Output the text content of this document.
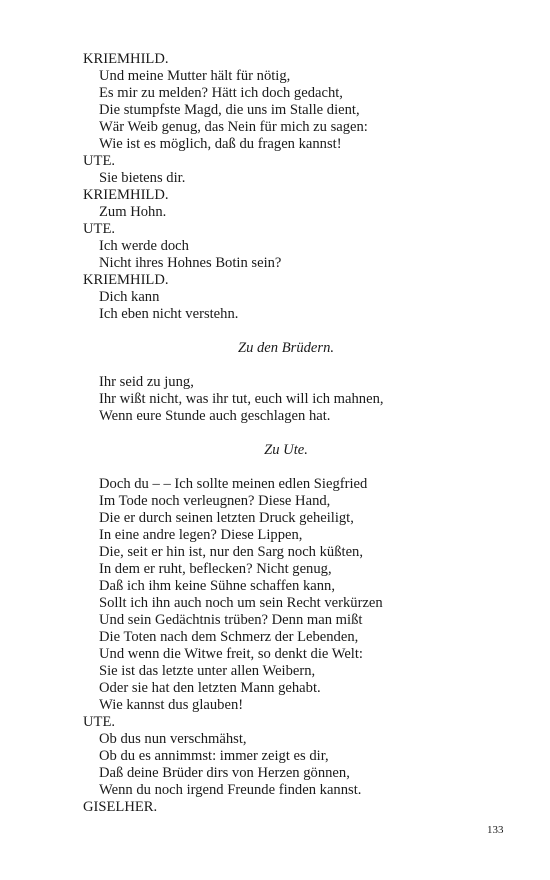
KRIEMHILD.
Und meine Mutter hält für nötig,
Es mir zu melden? Hätt ich doch gedacht,
Die stumpfste Magd, die uns im Stalle dient,
Wär Weib genug, das Nein für mich zu sagen:
Wie ist es möglich, daß du fragen kannst!
UTE.
Sie bietens dir.
KRIEMHILD.
Zum Hohn.
UTE.
Ich werde doch
Nicht ihres Hohnes Botin sein?
KRIEMHILD.
Dich kann
Ich eben nicht verstehn.
Zu den Brüdern.
Ihr seid zu jung,
Ihr wißt nicht, was ihr tut, euch will ich mahnen,
Wenn eure Stunde auch geschlagen hat.
Zu Ute.
Doch du – – Ich sollte meinen edlen Siegfried
Im Tode noch verleugnen? Diese Hand,
Die er durch seinen letzten Druck geheiligt,
In eine andre legen? Diese Lippen,
Die, seit er hin ist, nur den Sarg noch küßten,
In dem er ruht, beflecken? Nicht genug,
Daß ich ihm keine Sühne schaffen kann,
Sollt ich ihn auch noch um sein Recht verkürzen
Und sein Gedächtnis trüben? Denn man mißt
Die Toten nach dem Schmerz der Lebenden,
Und wenn die Witwe freit, so denkt die Welt:
Sie ist das letzte unter allen Weibern,
Oder sie hat den letzten Mann gehabt.
Wie kannst dus glauben!
UTE.
Ob dus nun verschmähst,
Ob du es annimmst: immer zeigt es dir,
Daß deine Brüder dirs von Herzen gönnen,
Wenn du noch irgend Freunde finden kannst.
GISELHER.
133
